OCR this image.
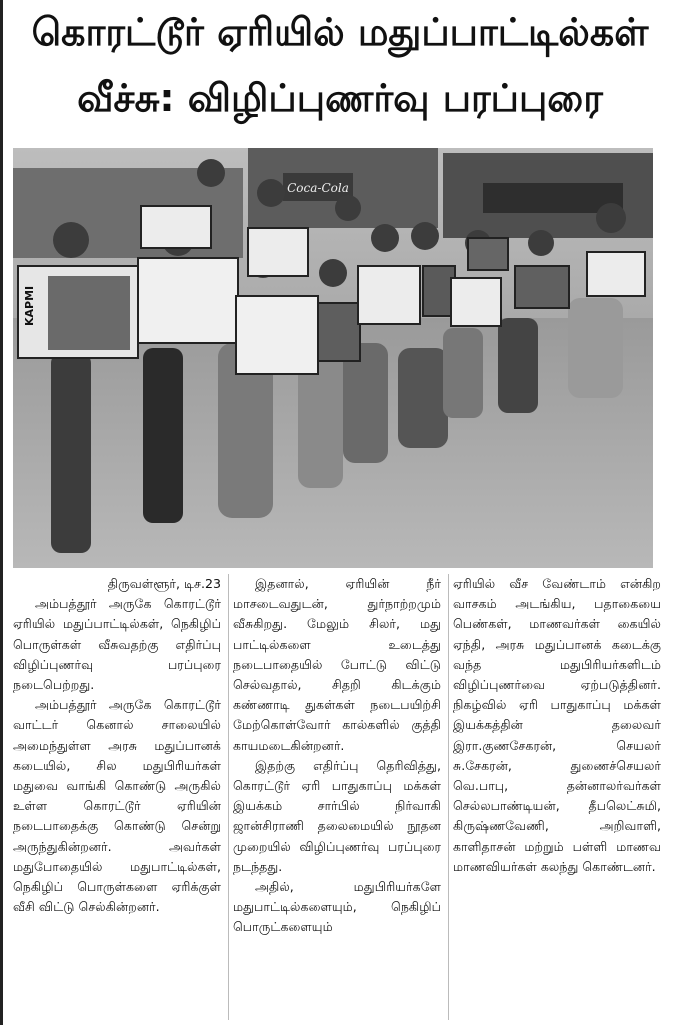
கொரட்டூர் ஏரியில் மதுப்பாட்டில்கள்
வீச்சு: விழிப்புணர்வு பரப்புரை
Coca-Cola
KAPMI

திருவள்ளூர், டிச.23

அம்பத்தூர் அருகே கொரட்டூர் ஏரியில் மதுப்பாட்டில்கள், நெகிழிப் பொருள்கள் வீசுவதற்கு எதிர்ப்பு விழிப்புணர்வு பரப்புரை நடைபெற்றது.

அம்பத்தூர் அருகே கொரட்டூர் வாட்டர் கெனால் சாலையில் அமைந்துள்ள அரசு மதுப்பானக் கடையில், சில மதுபிரியர்கள் மதுவை வாங்கி கொண்டு அருகில் உள்ள கொரட்டூர் ஏரியின் நடைபாதைக்கு கொண்டு சென்று அருந்துகின்றனர். அவர்கள் மதுபோதையில் மதுபாட்டில்கள், நெகிழிப் பொருள்களை ஏரிக்குள் வீசி விட்டு செல்கின்றனர்.

இதனால், ஏரியின் நீர் மாசடைவதுடன், துர்நாற்றமும் வீசுகிறது. மேலும் சிலர், மது பாட்டில்களை உடைத்து நடைபாதையில் போட்டு விட்டு செல்வதால், சிதறி கிடக்கும் கண்ணாடி துகள்கள் நடைபயிற்சி மேற்கொள்வோர் கால்களில் குத்தி காயமடைகின்றனர்.

இதற்கு எதிர்ப்பு தெரிவித்து, கொரட்டூர் ஏரி பாதுகாப்பு மக்கள் இயக்கம் சார்பில் நிர்வாகி ஜான்சிராணி தலைமையில் நூதன முறையில் விழிப்புணர்வு பரப்புரை நடந்தது.

அதில், மதுபிரியர்களே மதுபாட்டில்களையும், நெகிழிப் பொருட்களையும்

ஏரியில் வீச வேண்டாம் என்கிற வாசகம் அடங்கிய, பதாகையை பெண்கள், மாணவர்கள் கையில் ஏந்தி, அரசு மதுப்பானக் கடைக்கு வந்த மதுபிரியர்களிடம் விழிப்புணர்வை ஏற்படுத்தினர். நிகழ்வில் ஏரி பாதுகாப்பு மக்கள் இயக்கத்தின் தலைவர் இரா.குணசேகரன், செயலர் சு.சேகரன், துணைச்செயலர் வெ.பாபு, தன்னாலர்வர்கள் செல்லபாண்டியன், தீபலெட்சுமி, கிருஷ்ணவேணி, அறிவாளி, காளிதாசன் மற்றும் பள்ளி மாணவ மாணவியர்கள் கலந்து கொண்டனர்.
